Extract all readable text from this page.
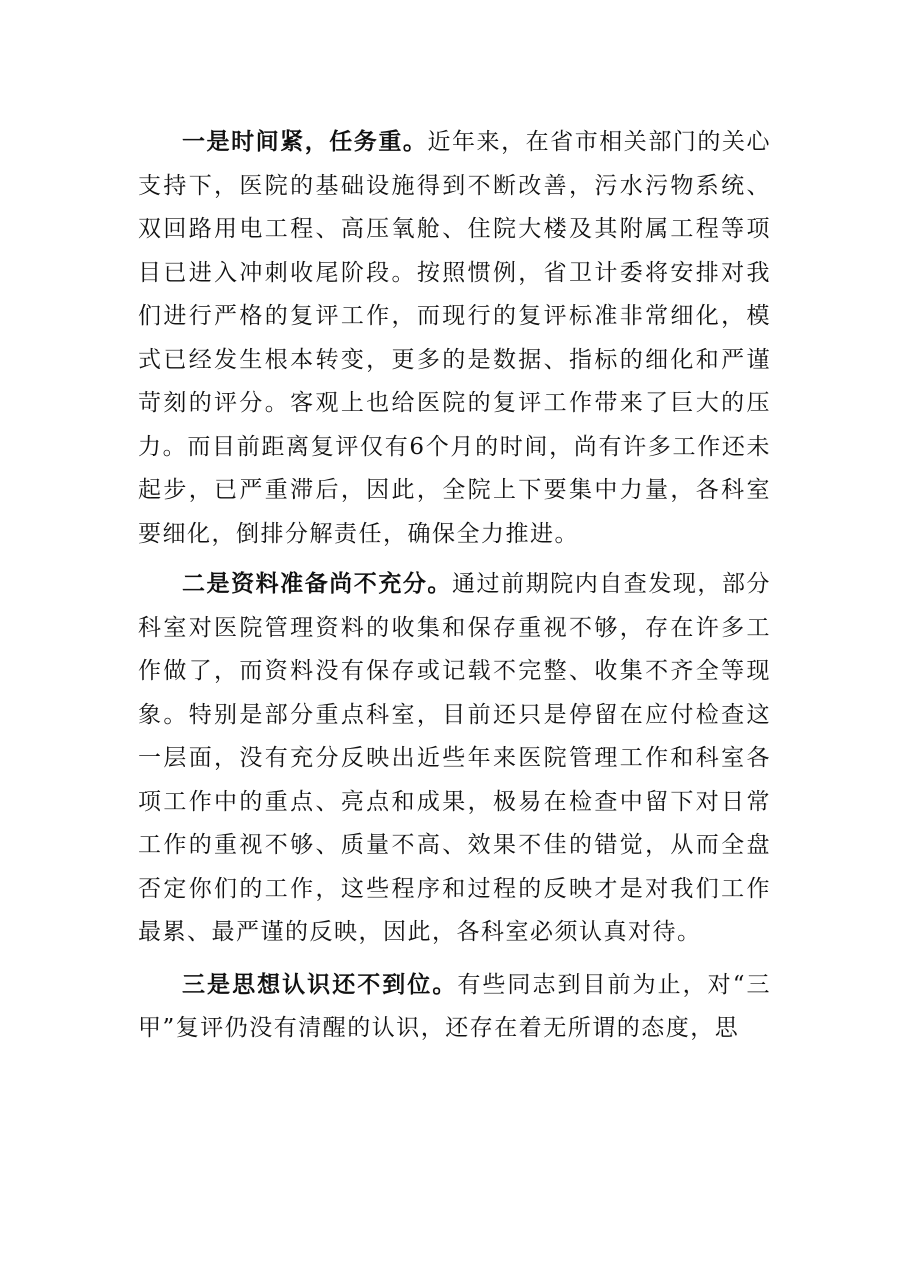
一是时间紧，任务重。近年来，在省市相关部门的关心支持下，医院的基础设施得到不断改善，污水污物系统、双回路用电工程、高压氧舱、住院大楼及其附属工程等项目已进入冲刺收尾阶段。按照惯例，省卫计委将安排对我们进行严格的复评工作，而现行的复评标准非常细化，模式已经发生根本转变，更多的是数据、指标的细化和严谨苛刻的评分。客观上也给医院的复评工作带来了巨大的压力。而目前距离复评仅有6个月的时间，尚有许多工作还未起步，已严重滞后，因此，全院上下要集中力量，各科室要细化，倒排分解责任，确保全力推进。

二是资料准备尚不充分。通过前期院内自查发现，部分科室对医院管理资料的收集和保存重视不够，存在许多工作做了，而资料没有保存或记载不完整、收集不齐全等现象。特别是部分重点科室，目前还只是停留在应付检查这一层面，没有充分反映出近些年来医院管理工作和科室各项工作中的重点、亮点和成果，极易在检查中留下对日常工作的重视不够、质量不高、效果不佳的错觉，从而全盘否定你们的工作，这些程序和过程的反映才是对我们工作最累、最严谨的反映，因此，各科室必须认真对待。

三是思想认识还不到位。有些同志到目前为止，对“三甲”复评仍没有清醒的认识，还存在着无所谓的态度，思
